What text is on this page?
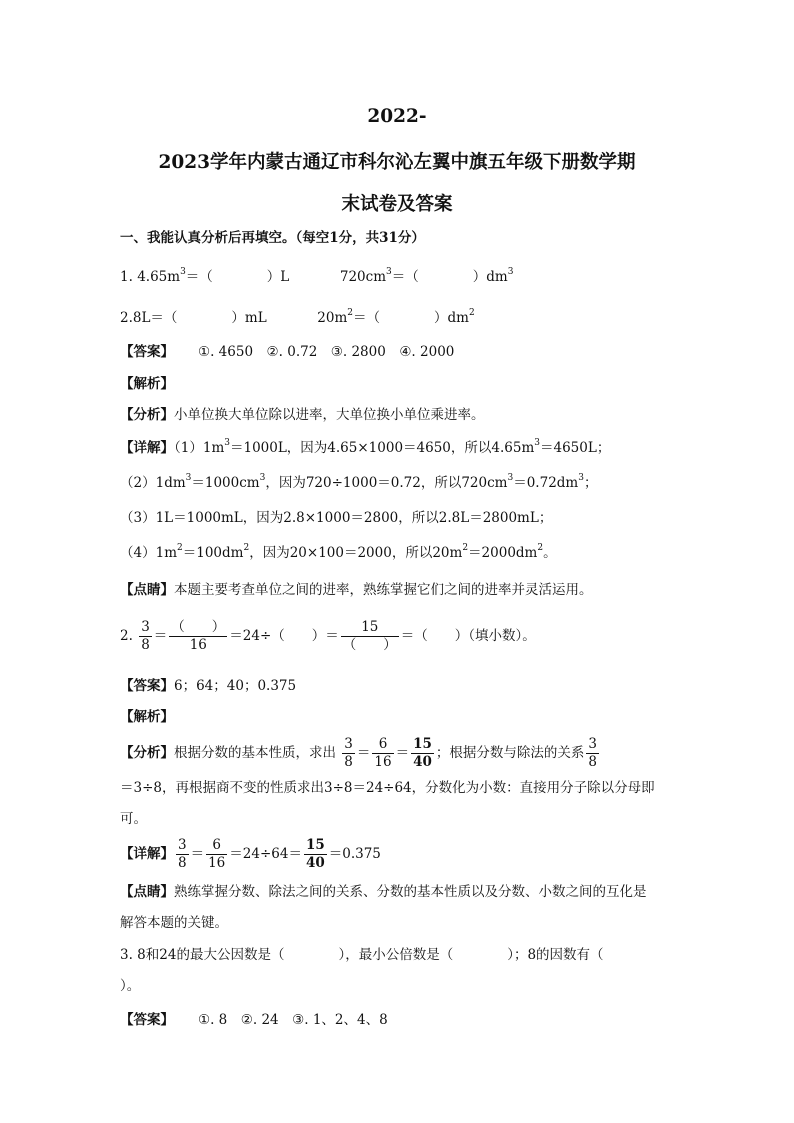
2022-
2023学年内蒙古通辽市科尔沁左翼中旗五年级下册数学期
末试卷及答案
一、我能认真分析后再填空。（每空1分，共31分）
1. $4.65m^3=$（　　　　）L	$720cm^3=$（　　　　）$dm^3$
2.8L＝（　　　　）mL	$20m^2=$（　　　　）$dm^2$
【答案】 ①. 4650　②. 0.72　③. 2800　④. 2000
【解析】
【分析】小单位换大单位除以进率，大单位换小单位乘进率。
【详解】$(1)1m^3=1000L$，因为4.65×1000＝4650，所以$4.65m^3=4650L$；
$(2)1dm^3=1000cm^3$，因为720÷1000＝0.72，所以$720cm^3=0.72dm^3$；
（3）1L＝1000mL，因为2.8×1000＝2800，所以2.8L＝2800mL；
$(4)1m^2=100dm^2$，因为20×100＝2000，所以$20m^2=2000dm^2$。
【点睛】本题主要考查单位之间的进率，熟练掌握它们之间的进率并灵活运用。
2. $\frac{3}{8} = \frac{( )}{16} =24\div$（　　）＝ $\frac{15}{( )}$ ＝（　　）（填小数）。
【答案】6；64；40；0.375
【解析】
【分析】根据分数的基本性质，求出 $\frac{3}{8} = \frac{6}{16} = \frac{15}{40}$ ；根据分数与除法的关系 $\frac{3}{8}$
＝3÷8，再根据商不变的性质求出3÷8＝24÷64，分数化为小数：直接用分子除以分母即
可。
【详解】 $\frac{3}{8} = \frac{6}{16} =24\div 64= \frac{15}{40} =0.375$
【点睛】熟练掌握分数、除法之间的关系、分数的基本性质以及分数、小数之间的互化是
解答本题的关键。
3. 8和24的最大公因数是（　　　　），最小公倍数是（　　　　）；8的因数有（
）。
【答案】 ①. 8　②. 24　③. 1、2、4、8
